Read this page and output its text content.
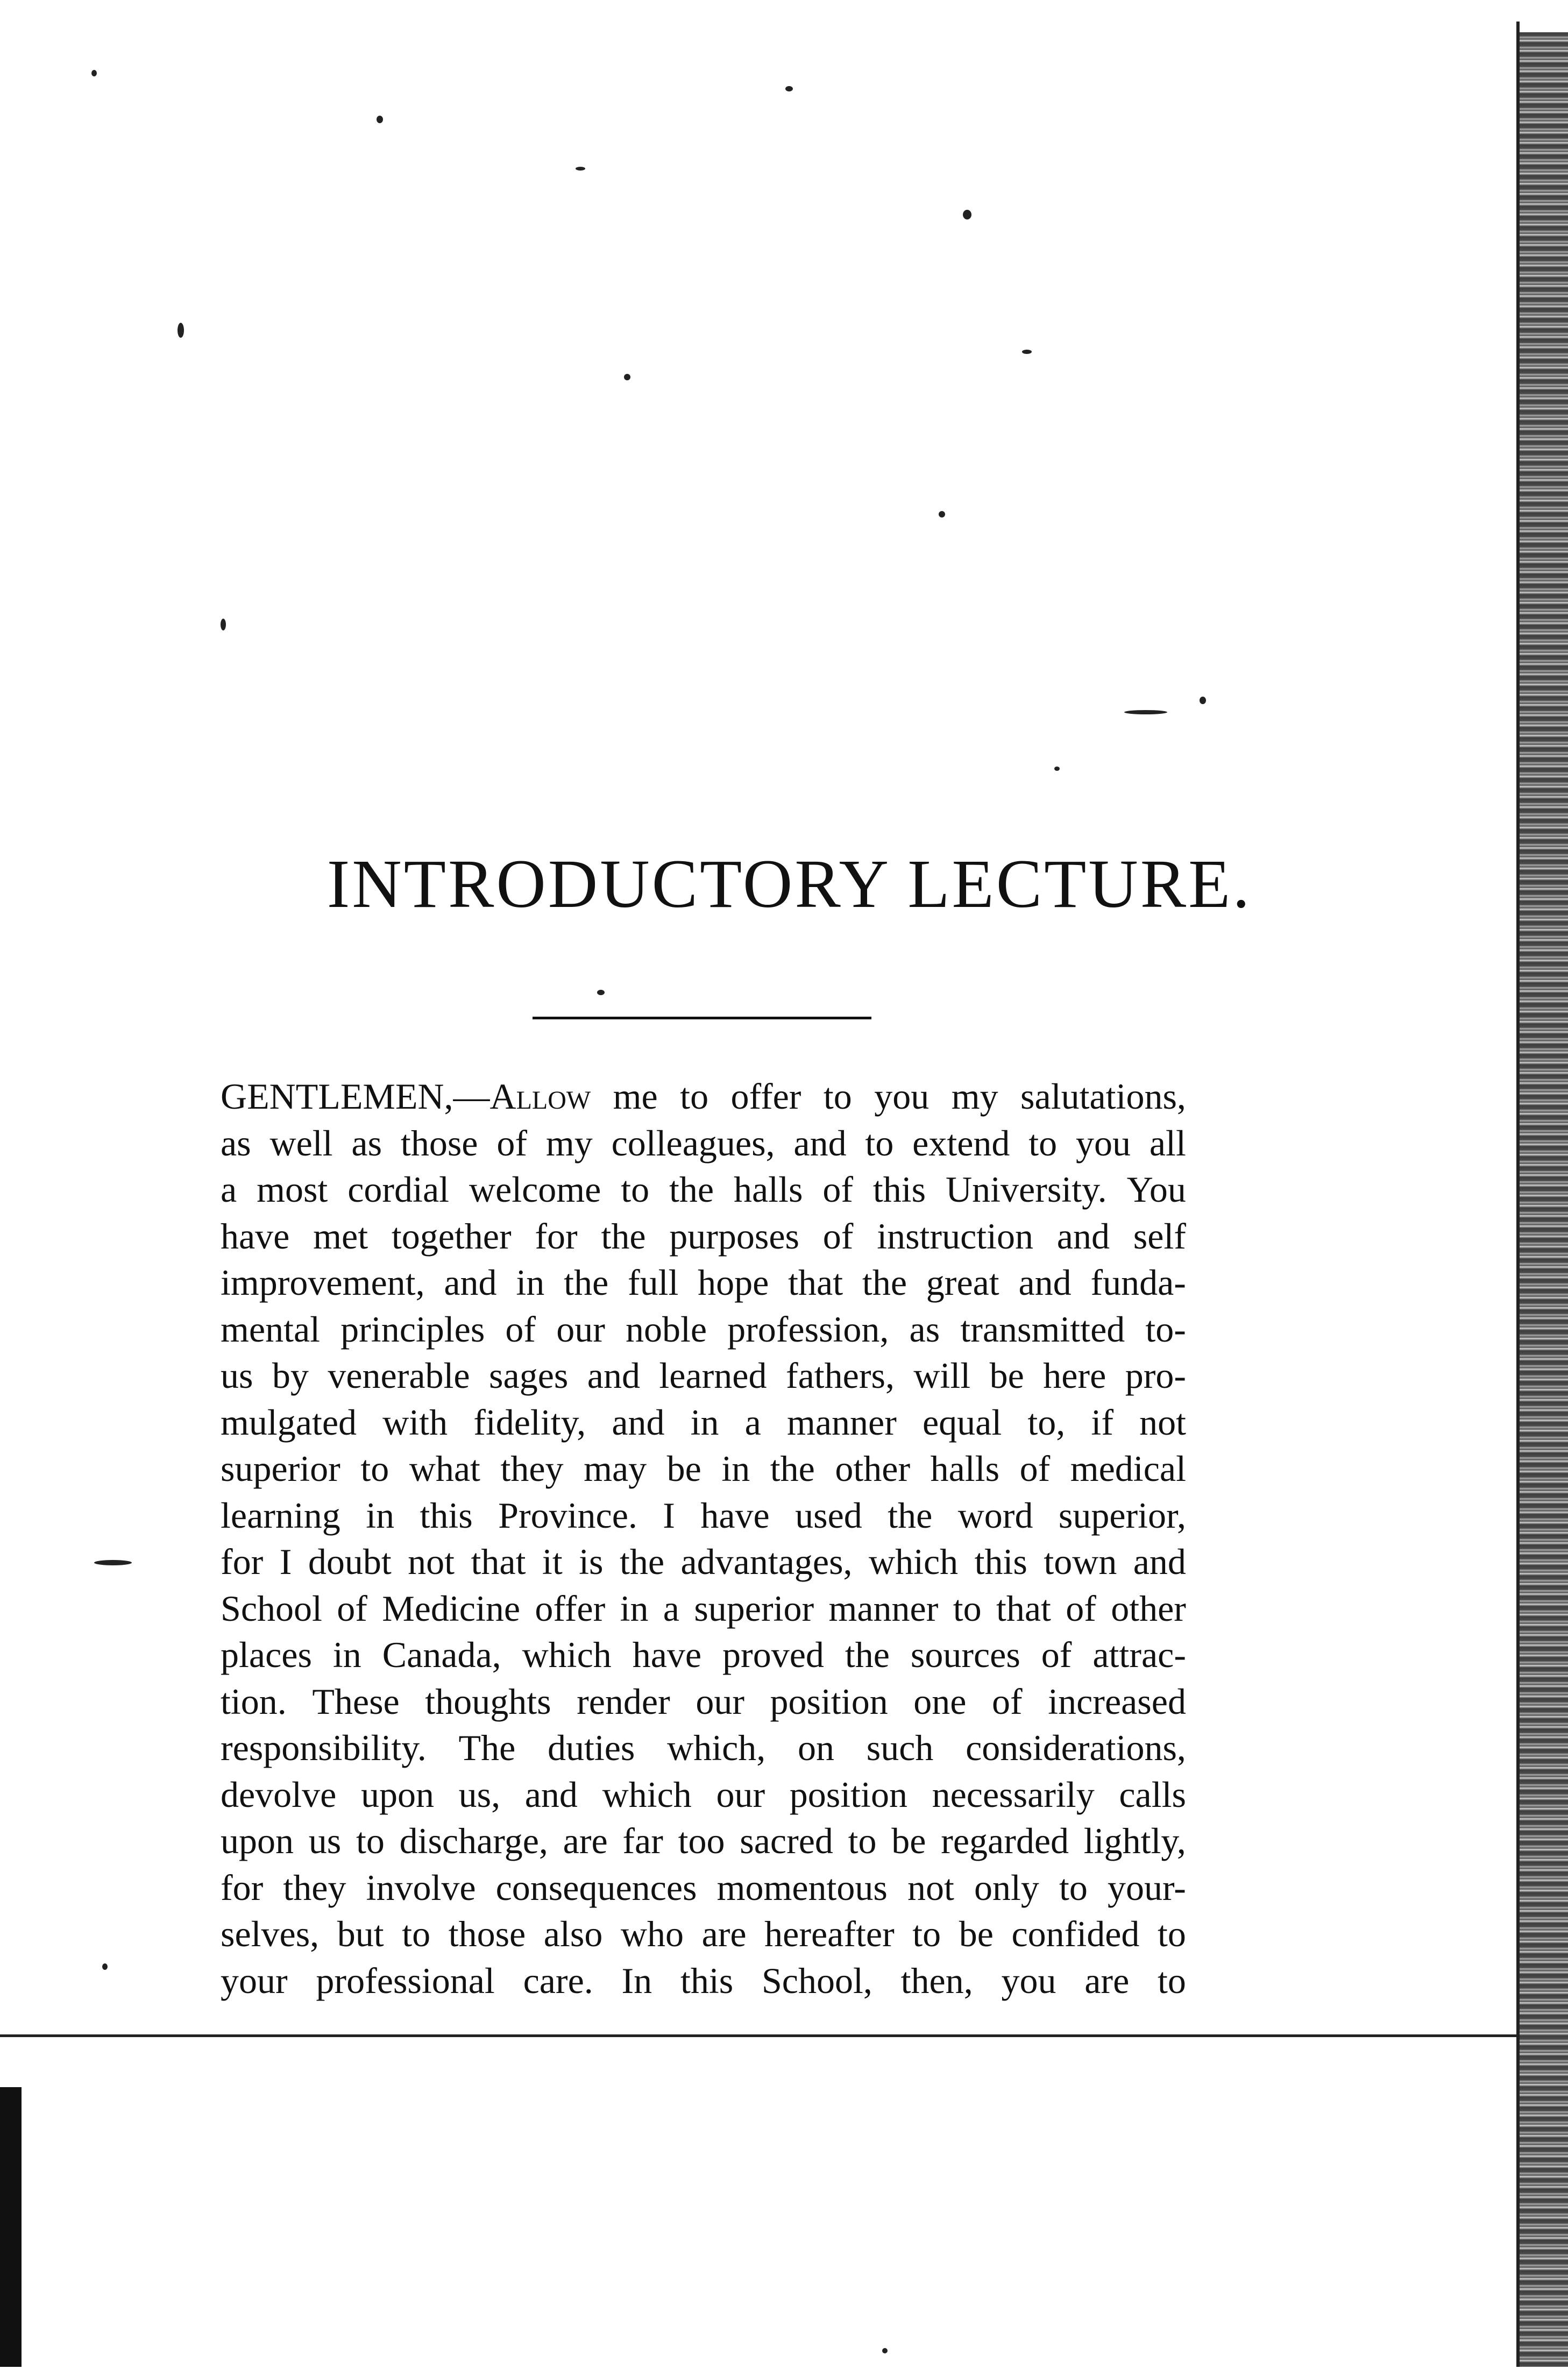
INTRODUCTORY LECTURE.
GENTLEMEN,—Allow me to offer to you my salutations,
as well as those of my colleagues, and to extend to you all
a most cordial welcome to the halls of this University. You
have met together for the purposes of instruction and self
improvement, and in the full hope that the great and funda-
mental principles of our noble profession, as transmitted to-
us by venerable sages and learned fathers, will be here pro-
mulgated with fidelity, and in a manner equal to, if not
superior to what they may be in the other halls of medical
learning in this Province. I have used the word superior,
for I doubt not that it is the advantages, which this town and
School of Medicine offer in a superior manner to that of other
places in Canada, which have proved the sources of attrac-
tion. These thoughts render our position one of increased
responsibility. The duties which, on such considerations,
devolve upon us, and which our position necessarily calls
upon us to discharge, are far too sacred to be regarded lightly,
for they involve consequences momentous not only to your-
selves, but to those also who are hereafter to be confided to
your professional care. In this School, then, you are to
